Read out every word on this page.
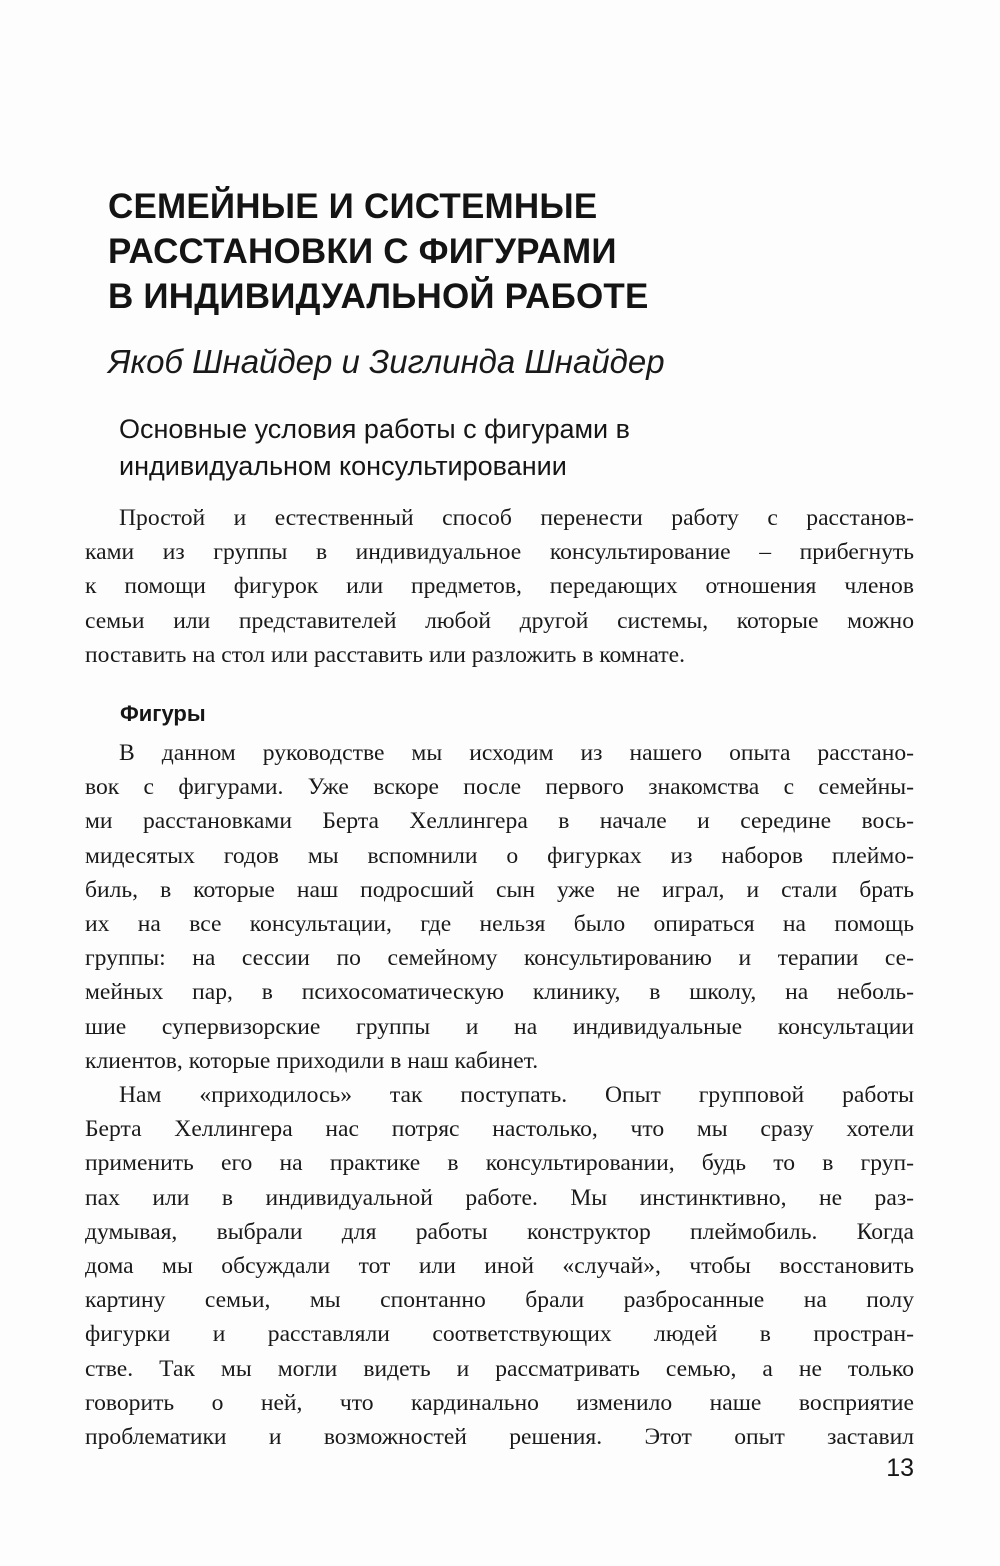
СЕМЕЙНЫЕ И СИСТЕМНЫЕ
РАССТАНОВКИ С ФИГУРАМИ
В ИНДИВИДУАЛЬНОЙ РАБОТЕ

Якоб Шнайдер и Зиглинда Шнайдер

Основные условия работы с фигурами в
индивидуальном консультировании

Простой и естественный способ перенести работу с расстанов-
ками из группы в индивидуальное консультирование – прибегнуть
к помощи фигурок или предметов, передающих отношения членов
семьи или представителей любой другой системы, которые можно
поставить на стол или расставить или разложить в комнате.

Фигуры

В данном руководстве мы исходим из нашего опыта расстано-
вок с фигурами. Уже вскоре после первого знакомства с семейны-
ми расстановками Берта Хеллингера в начале и середине вось-
мидесятых годов мы вспомнили о фигурках из наборов плеймо-
биль, в которые наш подросший сын уже не играл, и стали брать
их на все консультации, где нельзя было опираться на помощь
группы: на сессии по семейному консультированию и терапии се-
мейных пар, в психосоматическую клинику, в школу, на неболь-
шие супервизорские группы и на индивидуальные консультации
клиентов, которые приходили в наш кабинет.

Нам «приходилось» так поступать. Опыт групповой работы
Берта Хеллингера нас потряс настолько, что мы сразу хотели
применить его на практике в консультировании, будь то в груп-
пах или в индивидуальной работе. Мы инстинктивно, не раз-
думывая, выбрали для работы конструктор плеймобиль. Когда
дома мы обсуждали тот или иной «случай», чтобы восстановить
картину семьи, мы спонтанно брали разбросанные на полу
фигурки и расставляли соответствующих людей в простран-
стве. Так мы могли видеть и рассматривать семью, а не только
говорить о ней, что кардинально изменило наше восприятие
проблематики и возможностей решения. Этот опыт заставил

13
